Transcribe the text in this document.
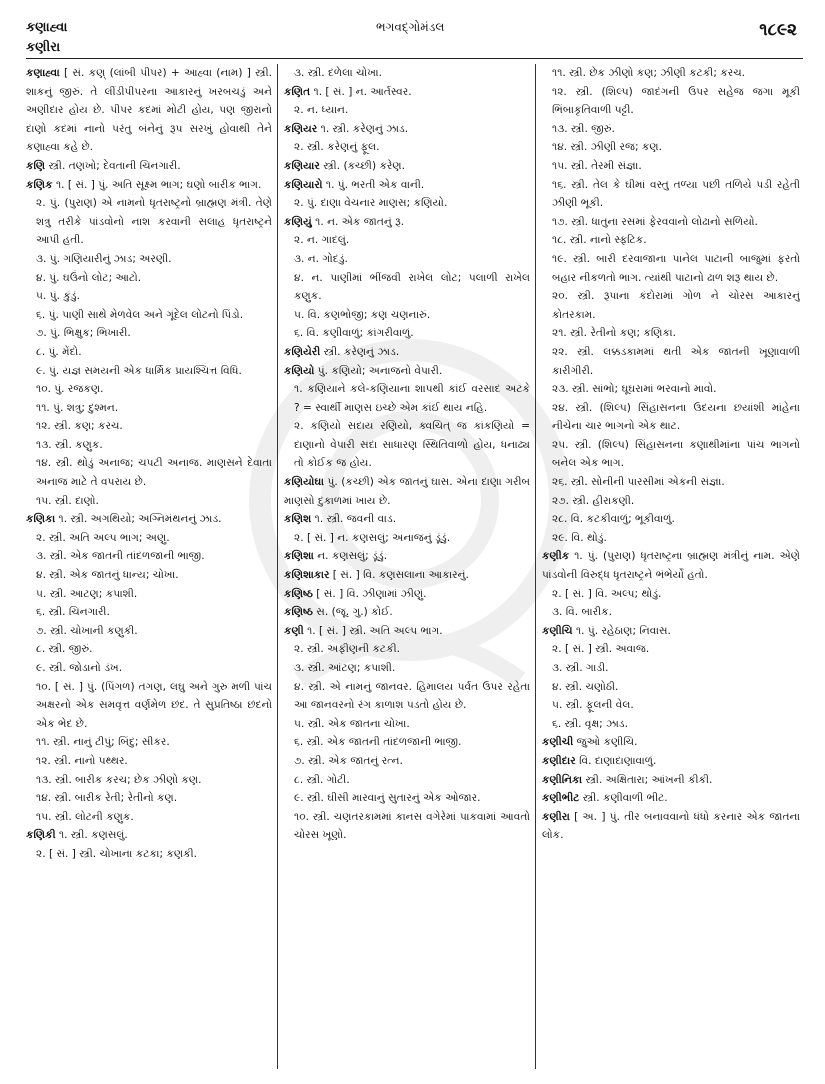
કણાહ્વા
કણીરા
ભગવદ્ગોમંડલ	૧૮૯૨

કણાહ્વા [ સં. કણ્ (લાંબી પીપર) + આહ્વા (નામ) ] સ્ત્રી. શાકનું જીરું. તે લીંડીપીપરના આકારનું ખરબચડું અને અણીદાર હોય છે. પીપર કદમાં મોટી હોય, પણ જીરાનો દાણો કદમાં નાનો પરંતુ બંનેનું રૂપ સરખું હોવાથી તેને કણાહ્વા કહે છે.

કણિ સ્ત્રી. તણખો; દેવતાની ચિનગારી.

કણિક ૧. [ સં. ] પું. અતિ સૂક્ષ્મ ભાગ; ઘણો બારીક ભાગ.

૨. પું. (પુરાણ) એ નામનો ધૃતરાષ્ટ્રનો બ્રાહ્મણ મંત્રી. તેણે શત્રુ તરીકે પાંડવોનો નાશ કરવાની સલાહ ધૃતરાષ્ટ્રને આપી હતી.

૩. પું. ગણિયારીનું ઝાડ; અરણી.

૪. પું. ઘઉંનો લોટ; આટો.

૫. પું. કુંડું.

૬. પું. પાણી સાથે મેળવેલ અને ગૂંદેલ લોટનો પિંડો.

૭. પું. ભિક્ષુક; ભિખારી.

૮. પું. મેંદો.

૯. પું. યજ્ઞ સમયની એક ધાર્મિક પ્રાયશ્ચિત્ત વિધિ.

૧૦. પું. રજકણ.

૧૧. પું. શત્રુ; દુશ્મન.

૧૨. સ્ત્રી. કણ; કરચ.

૧૩. સ્ત્રી. કણુક.

૧૪. સ્ત્રી. થોડું અનાજ; ચપટી અનાજ. માણસને દેવાતા અનાજ માટે તે વપરાય છે.

૧૫. સ્ત્રી. દાણો.

કણિકા ૧. સ્ત્રી. અગથિયો; અગ્નિમંથનનું ઝાડ.

૨. સ્ત્રી. અતિ અલ્પ ભાગ; અણુ.

૩. સ્ત્રી. એક જાતની તાંદળજાની ભાજી.

૪. સ્ત્રી. એક જાતનું ધાન્ય; ચોખા.

૫. સ્ત્રી. આટણ; કપાશી.

૬. સ્ત્રી. ચિનગારી.

૭. સ્ત્રી. ચોખાની કણુકી.

૮. સ્ત્રી. જીરું.

૯. સ્ત્રી. જોડાનો ડંખ.

૧૦. [ સં. ] પું. (પિંગળ) તગણ, લઘુ અને ગુરુ મળી પાંચ અક્ષરનો એક સમવૃત્ત વર્ણમેળ છંદ. તે સુપ્રતિષ્ઠા છંદનો એક ભેદ છે.

૧૧. સ્ત્રી. નાનું ટીપું; બિંદુ; સીકર.

૧૨. સ્ત્રી. નાનો પથ્થર.

૧૩. સ્ત્રી. બારીક કરચ; છેક ઝીણો કણ.

૧૪. સ્ત્રી. બારીક રેતી; રેતીનો કણ.

૧૫. સ્ત્રી. લોટની કણુક.

કણિકી ૧. સ્ત્રી. કણસલું.

૨. [ સં. ] સ્ત્રી. ચોખાના કટકા; કણકી.

૩. સ્ત્રી. દળેલા ચોખા.

કણિત ૧. [ સં. ] ન. આર્તસ્વર.

૨. ન. ધ્યાન.

કણિયર ૧. સ્ત્રી. કરેણનું ઝાડ.

૨. સ્ત્રી. કરેણનું ફૂલ.

કણિયાર સ્ત્રી. (કચ્છી) કરેણ.

કણિયારો ૧. પું. ભરતી એક વાની.

૨. પું. દાણા વેચનાર માણસ; કણિયો.

કણિયું ૧. ન. એક જાતનું રૂ.

૨. ન. ગાદલું.

૩. ન. ગોદડું.

૪. ન. પાણીમાં ભીંજવી રાખેલ લોટ; પલાળી રાખેલ કણુક.

૫. વિ. કણભોજી; કણ ચણનારું.

૬. વિ. કણીવાળું; કાંગરીવાળું.

કણિયેરી સ્ત્રી. કરેણનું ઝાડ.

કણિયો પું. કણિયો; અનાજનો વેપારી.

૧. કણિયાને કલે-કણિયાના શાપથી કાંઈ વરસાદ અટકે ? = સ્વાર્થી માણસ ઇચ્છે એમ કાંઈ થાય નહિ.

૨. કણિયો સદાય રણિયો, ક્વચિત્ જ કાંકણિયો = દાણાનો વેપારી સદા સાધારણ સ્થિતિવાળો હોય, ધનાઢ્ય તો કોઈક જ હોય.

કણિયોઘા પું. (કચ્છી) એક જાતનું ઘાસ. એના દાણા ગરીબ માણસો દુકાળમાં ખાય છે.

કણિશ ૧. સ્ત્રી. જવની વાડ.

૨. [ સં. ] ન. કણસલું; અનાજનું ડૂંડું.

કણિશા ન. કણસલું; ડૂંડું.

કણિશાકાર [ સં. ] વિ. કણસલાના આકારનું.

કણિષ્ઠ [ સં. ] વિ. ઝીણામાં ઝીણું.

કણિષ્ઠ સ. (જૂ. ગુ.) કોઈ.

કણી ૧. [ સં. ] સ્ત્રી. અતિ અલ્પ ભાગ.

૨. સ્ત્રી. અફીણની કટકી.

૩. સ્ત્રી. આંટણ; કપાશી.

૪. સ્ત્રી. એ નામનું જાનવર. હિમાલય પર્વત ઉપર રહેતા આ જાનવરનો રંગ કાળાશ પડતો હોય છે.

૫. સ્ત્રી. એક જાતના ચોખા.

૬. સ્ત્રી. એક જાતની તાંદળજાની ભાજી.

૭. સ્ત્રી. એક જાતનું રત્ન.

૮. સ્ત્રી. ગોટી.

૯. સ્ત્રી. ઘીસી મારવાનું સુતારનું એક ઓજાર.

૧૦. સ્ત્રી. ચણતરકામમાં કાનસ વગેરેમાં પાકવામાં આવતો ચોરસ ખૂણો.

૧૧. સ્ત્રી. છેક ઝીણો કણ; ઝીણી કટકી; કરચ.

૧૨. સ્ત્રી. (શિલ્પ) જાદંગની ઉપર સહેજ જગા મૂકી ભિંબાકૃતિવાળી પટ્ટી.

૧૩. સ્ત્રી. જીરું.

૧૪. સ્ત્રી. ઝીણી રજ; કણ.

૧૫. સ્ત્રી. તેરમી સંજ્ઞા.

૧૬. સ્ત્રી. તેલ કે ઘીમાં વસ્તુ તળ્યા પછી તળિયે પડી રહેતી ઝીણી ભૂકી.

૧૭. સ્ત્રી. ધાતુના રસમાં ફેરવવાનો લોઢાનો સળિયો.

૧૮. સ્ત્રી. નાનો સ્ફટિક.

૧૯. સ્ત્રી. બારી દરવાજાના પાનેલ પાટાની બાજુમાં ફરતો બહાર નીકળતો ભાગ. ત્યાંથી પાટાનો ઢાળ શરૂ થાય છે.

૨૦. સ્ત્રી. રૂપાના કંદોરામાં ગોળ ને ચોરસ આકારનું કોતરકામ.

૨૧. સ્ત્રી. રેતીનો કણ; કણિકા.

૨૨. સ્ત્રી. લક્કડકામમાં થતી એક જાતની ખૂણાવાળી કારીગીરી.

૨૩. સ્ત્રી. સાંભો; ઘૂઘરામાં ભરવાનો માવો.

૨૪. સ્ત્રી. (શિલ્પ) સિંહાસનના ઉદયના છયાંશી માંહેના નીચેના ચાર ભાગનો એક થાટ.

૨૫. સ્ત્રી. (શિલ્પ) સિંહાસનના કણાથીમાંના પાંચ ભાગનો બનેલ એક ભાગ.

૨૬. સ્ત્રી. સોનીની પારસીમાં એકની સંજ્ઞા.

૨૭. સ્ત્રી. હીરાકણી.

૨૮. વિ. કટકીવાળું; ભૂકીવાળું.

૨૯. વિ. થોડું.

કણીક ૧. પું. (પુરાણ) ધૃતરાષ્ટ્રના બ્રાહ્મણ મંત્રીનું નામ. એણે પાંડવોની વિરુદ્ધ ધૃતરાષ્ટ્રને ભંભેર્યો હતો.

૨. [ સં. ] વિ. અલ્પ; થોડું.

૩. વિ. બારીક.

કણીચિ ૧. પું. રહેઠાણ; નિવાસ.

૨. [ સં. ] સ્ત્રી. અવાજ.

૩. સ્ત્રી. ગાડી.

૪. સ્ત્રી. ચણોઠી.

૫. સ્ત્રી. ફૂલની વેલ.

૬. સ્ત્રી. વૃક્ષ; ઝાડ.

કણીચી જુઓ કણીચિ.

કણીદાર વિ. દાણાદાણાવાળું.

કણીનિકા સ્ત્રી. અક્ષિતારા; આંખની કીકી.

કણીભીટ સ્ત્રી. કણીવાળી ભીટ.

કણીરા [ અ. ] પું. તીર બનાવવાનો ધંધો કરનાર એક જાતના લોક.
